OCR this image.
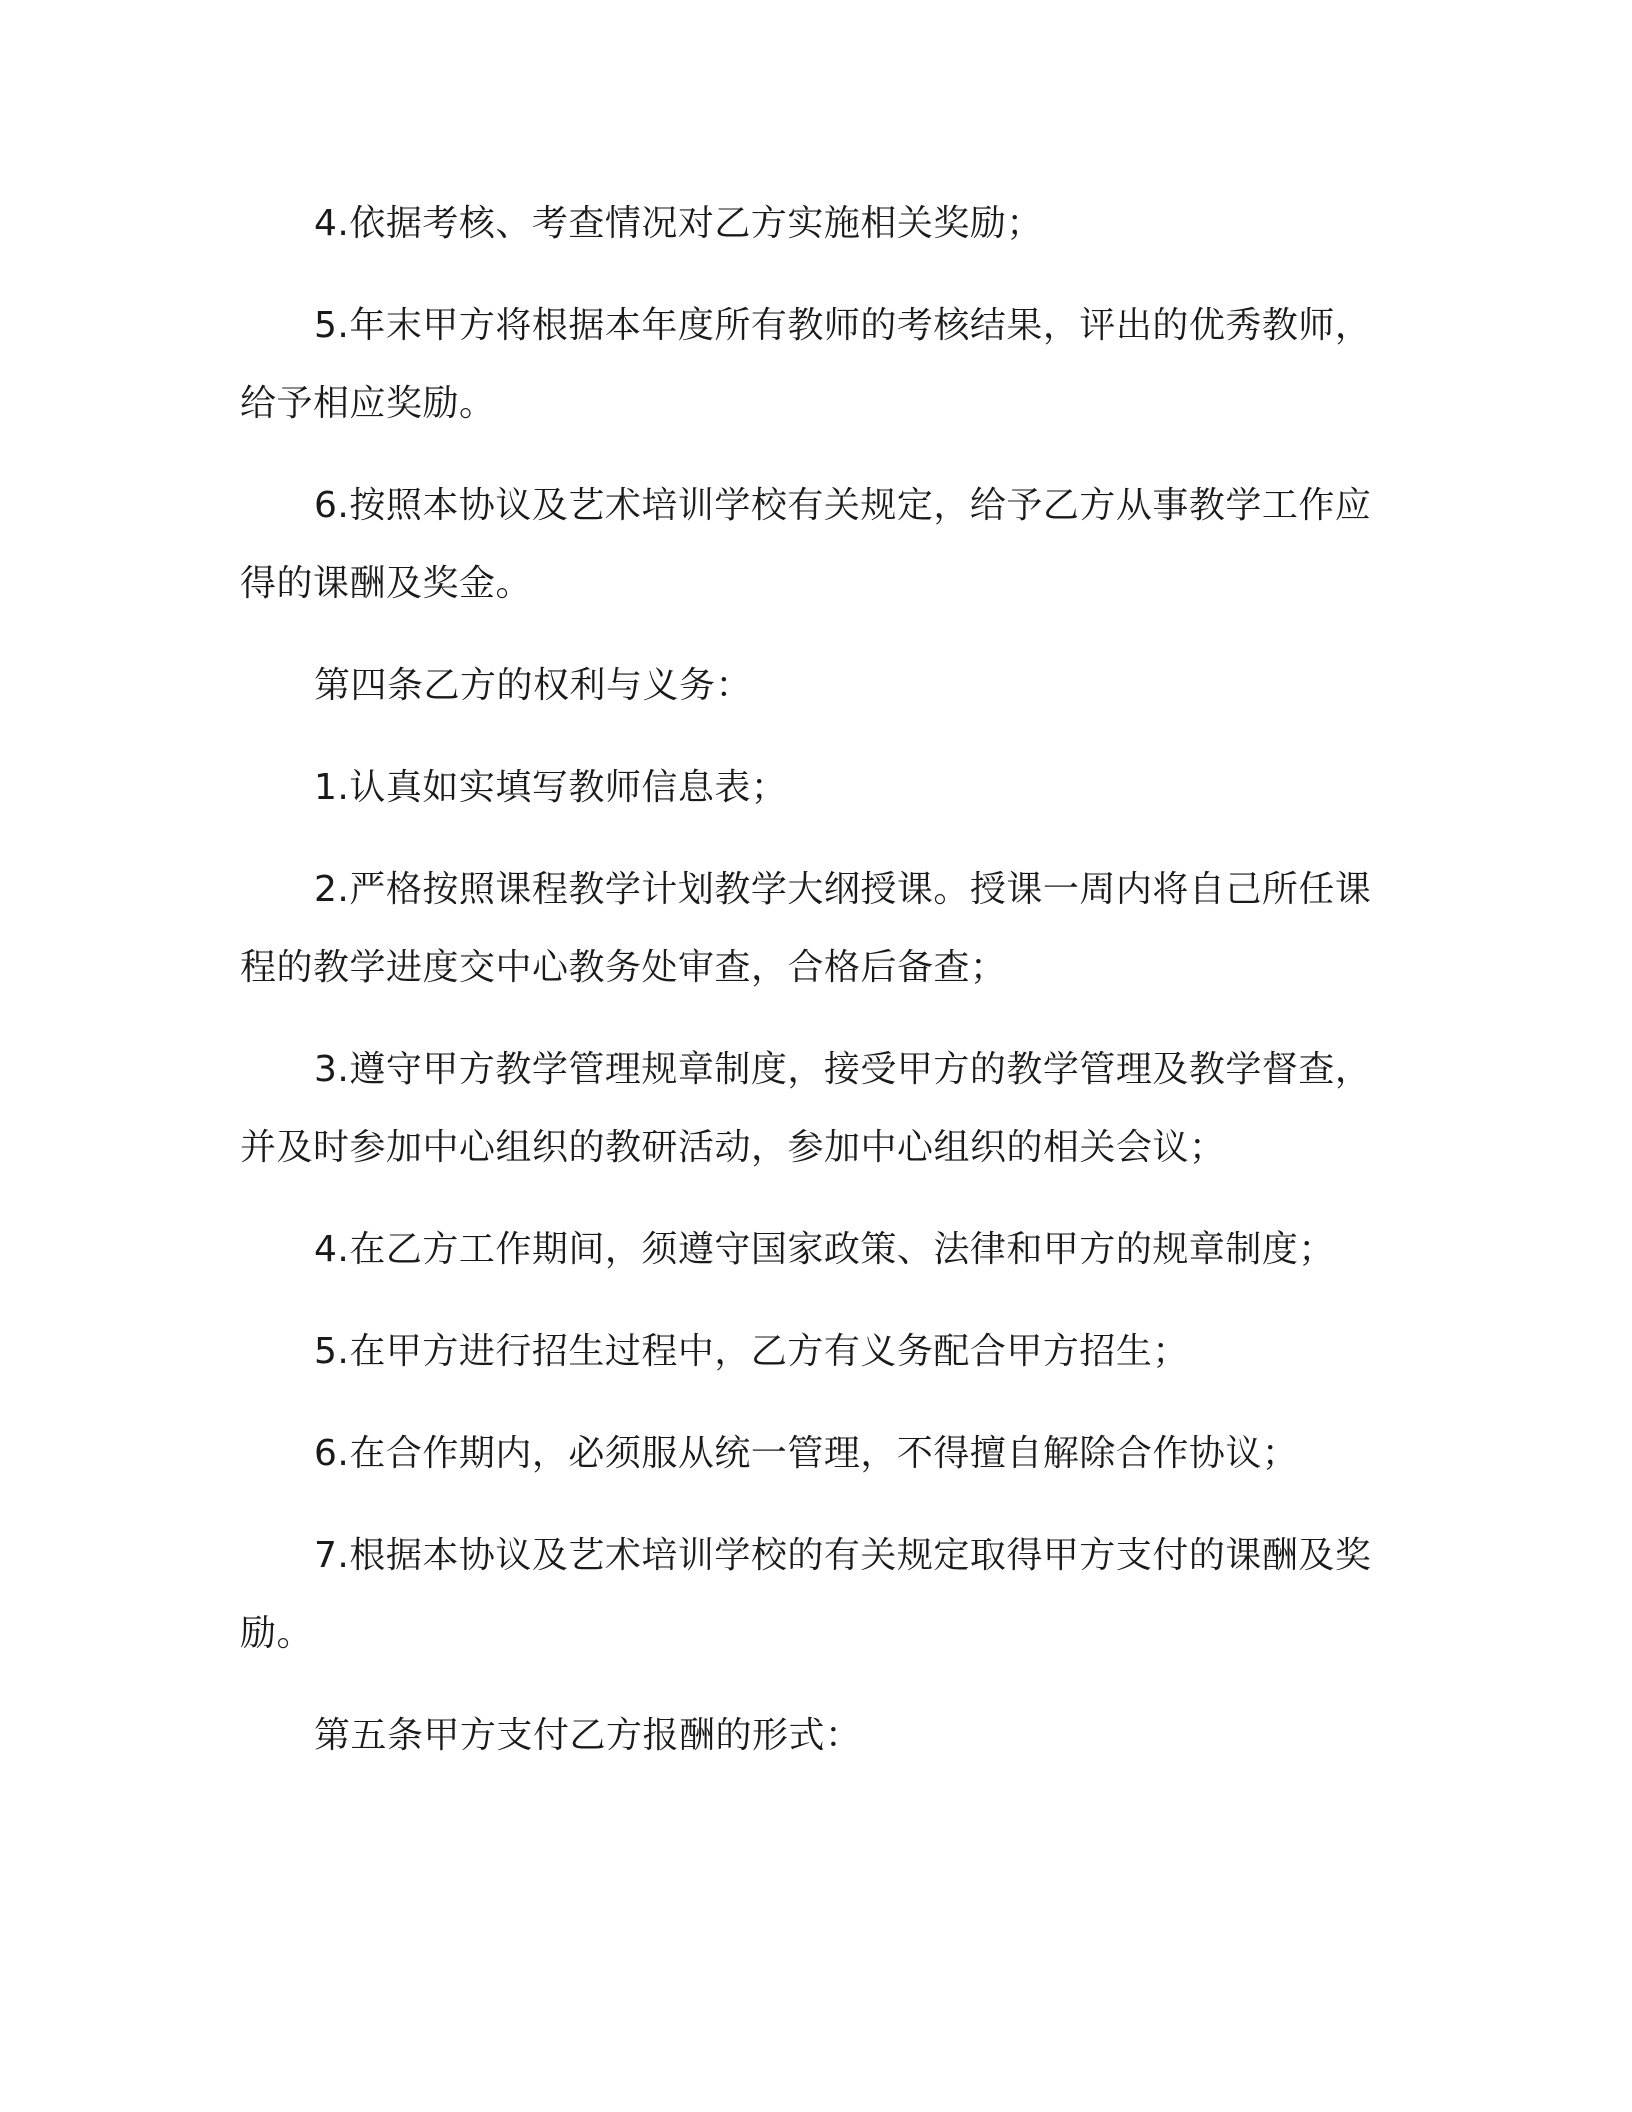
4.依据考核、考查情况对乙方实施相关奖励；

5.年末甲方将根据本年度所有教师的考核结果，评出的优秀教师，给予相应奖励。

6.按照本协议及艺术培训学校有关规定，给予乙方从事教学工作应得的课酬及奖金。

第四条乙方的权利与义务：

1.认真如实填写教师信息表；

2.严格按照课程教学计划教学大纲授课。授课一周内将自己所任课程的教学进度交中心教务处审查，合格后备查；

3.遵守甲方教学管理规章制度，接受甲方的教学管理及教学督查，并及时参加中心组织的教研活动，参加中心组织的相关会议；

4.在乙方工作期间，须遵守国家政策、法律和甲方的规章制度；

5.在甲方进行招生过程中，乙方有义务配合甲方招生；

6.在合作期内，必须服从统一管理，不得擅自解除合作协议；

7.根据本协议及艺术培训学校的有关规定取得甲方支付的课酬及奖励。

第五条甲方支付乙方报酬的形式：
